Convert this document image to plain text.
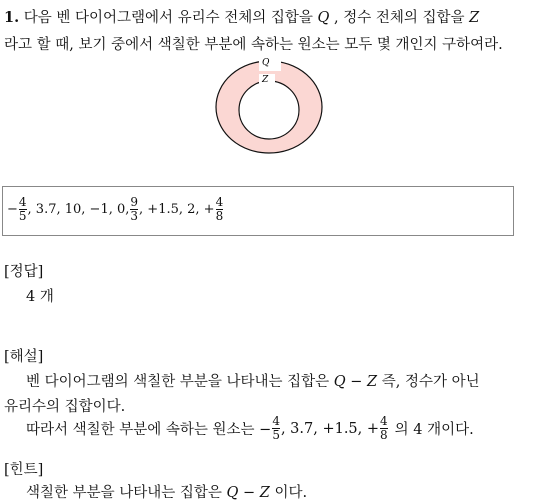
1. 다음 벤 다이어그램에서 유리수 전체의 집합을 Q , 정수 전체의 집합을 Z
라고 할 때, 보기 중에서 색칠한 부분에 속하는 원소는 모두 몇 개인지 구하여라.
Q
Z
− $\frac{4}{5}$ , 3.7, 10, −1, 0, $\frac{9}{3}$ , +1.5, 2, + $\frac{4}{8}$
[정답]
4 개
[해설]
벤 다이어그램의 색칠한 부분을 나타내는 집합은 Q − Z 즉, 정수가 아닌
유리수의 집합이다.
따라서 색칠한 부분에 속하는 원소는 − $\frac{4}{5}$ , 3.7, +1.5, + $\frac{4}{8}$ 의 4 개이다.
[힌트]
색칠한 부분을 나타내는 집합은 Q − Z 이다.
